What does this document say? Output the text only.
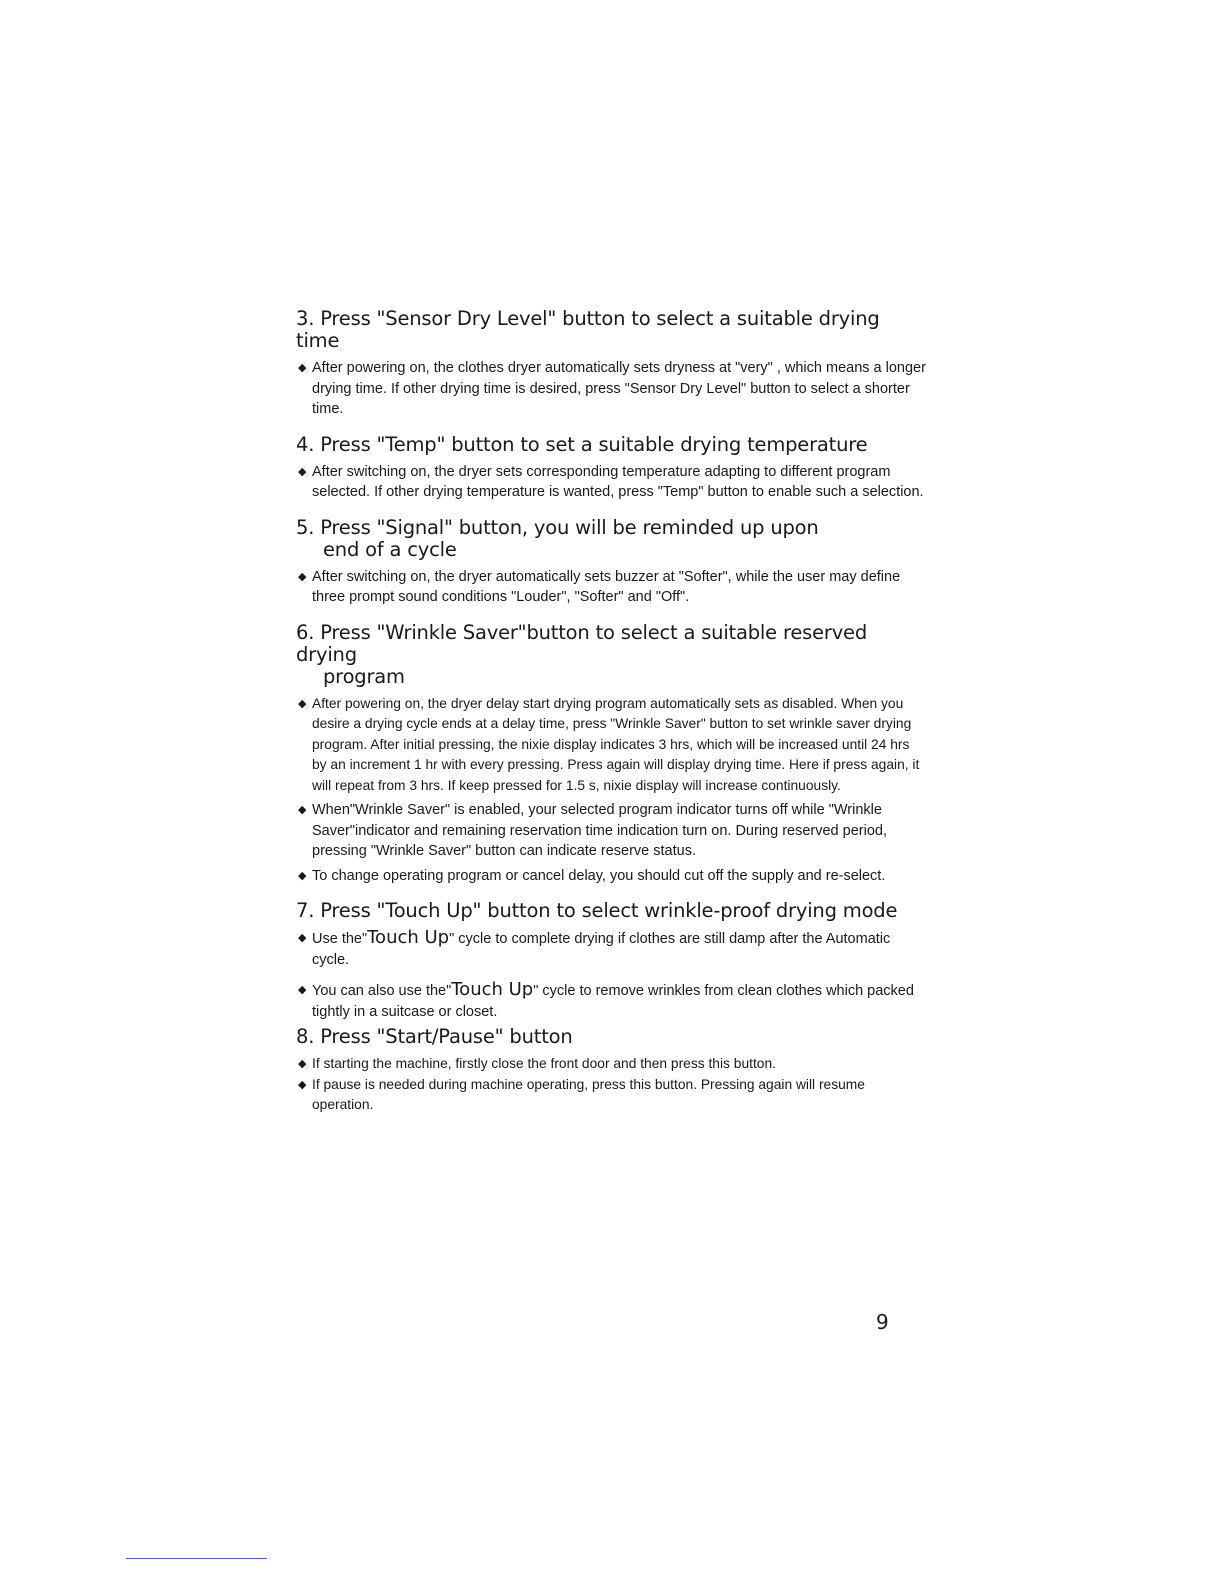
3. Press "Sensor Dry Level" button to select a suitable drying time

◆ After powering on, the clothes dryer automatically sets dryness at "very" , which means a longer drying time. If other drying time is desired, press "Sensor Dry Level" button to select a shorter time.

4. Press "Temp" button to set a suitable drying temperature

◆ After switching on, the dryer sets corresponding temperature adapting to different program selected. If other drying temperature is wanted, press "Temp" button to enable such a selection.

5. Press "Signal" button, you will be reminded up upon
end of a cycle

◆ After switching on, the dryer automatically sets buzzer at "Softer", while the user may define three prompt sound conditions "Louder", "Softer" and "Off".

6. Press "Wrinkle Saver"button to select a suitable reserved drying
program

◆ After powering on, the dryer delay start drying program automatically sets as disabled. When you desire a drying cycle ends at a delay time, press "Wrinkle Saver" button to set wrinkle saver drying program. After initial pressing, the nixie display indicates 3 hrs, which will be increased until 24 hrs by an increment 1 hr with every pressing. Press again will display drying time. Here if press again, it will repeat from 3 hrs. If keep pressed for 1.5 s, nixie display will increase continuously.

◆ When"Wrinkle Saver" is enabled, your selected program indicator turns off while "Wrinkle Saver"indicator and remaining reservation time indication turn on. During reserved period, pressing "Wrinkle Saver" button can indicate reserve status.

◆ To change operating program or cancel delay, you should cut off the supply and re-select.

7. Press "Touch Up" button to select wrinkle-proof drying mode

◆ Use the"Touch Up" cycle to complete drying if clothes are still damp after the Automatic cycle.

◆ You can also use the"Touch Up" cycle to remove wrinkles from clean clothes which packed tightly in a suitcase or closet.

8. Press "Start/Pause" button

◆ If starting the machine, firstly close the front door and then press this button.

◆ If pause is needed during machine operating, press this button. Pressing again will resume operation.

9
